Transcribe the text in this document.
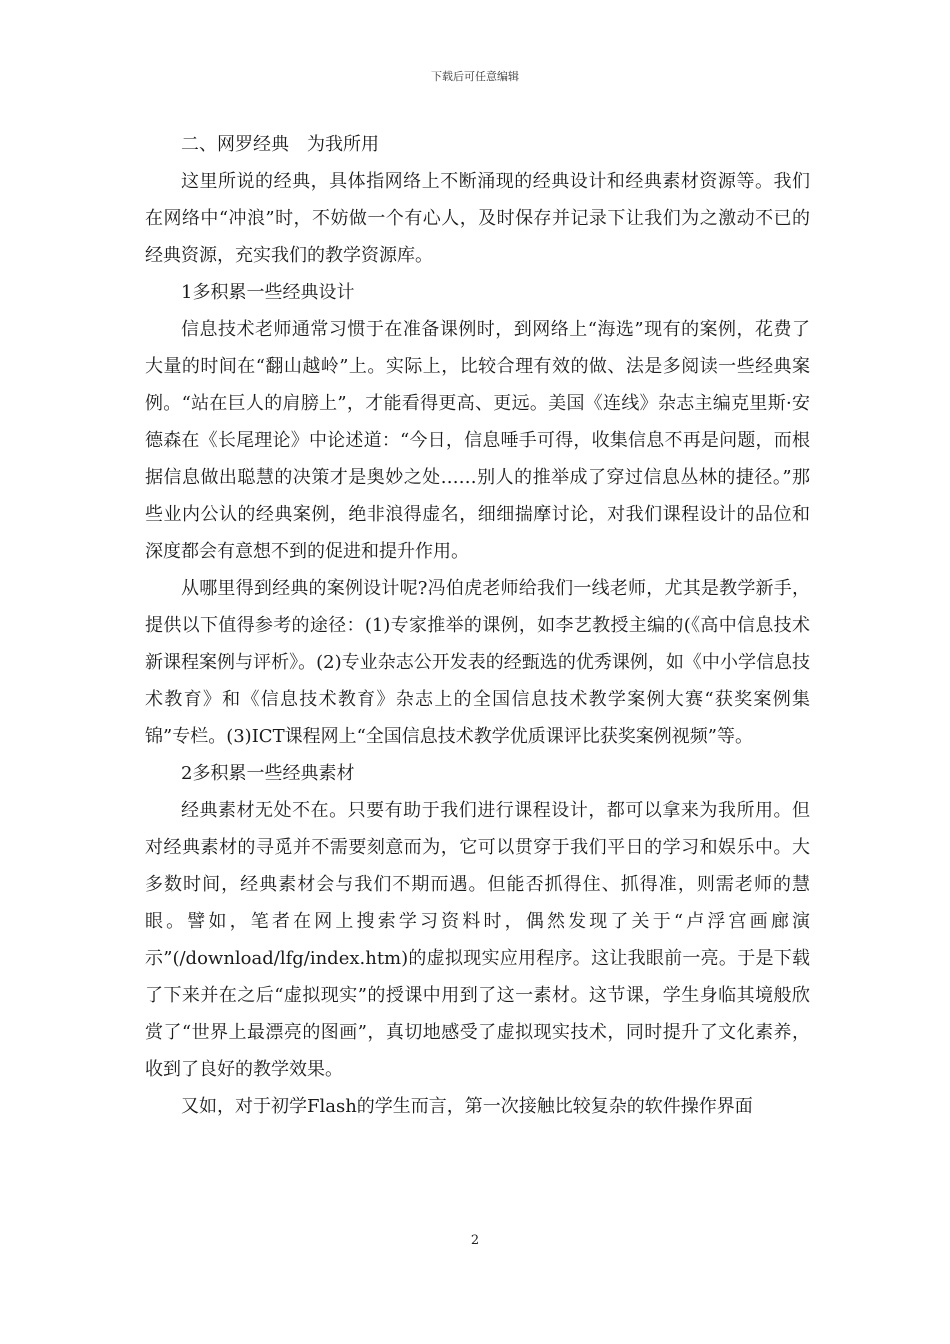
下载后可任意编辑

二、网罗经典　为我所用

这里所说的经典，具体指网络上不断涌现的经典设计和经典素材资源等。我们在网络中“冲浪”时，不妨做一个有心人，及时保存并记录下让我们为之激动不已的经典资源，充实我们的教学资源库。

1多积累一些经典设计

信息技术老师通常习惯于在准备课例时，到网络上“海选”现有的案例，花费了大量的时间在“翻山越岭”上。实际上，比较合理有效的做、法是多阅读一些经典案例。“站在巨人的肩膀上”，才能看得更高、更远。美国《连线》杂志主编克里斯·安德森在《长尾理论》中论述道：“今日，信息唾手可得，收集信息不再是问题，而根据信息做出聪慧的决策才是奥妙之处……别人的推举成了穿过信息丛林的捷径。”那些业内公认的经典案例，绝非浪得虚名，细细揣摩讨论，对我们课程设计的品位和深度都会有意想不到的促进和提升作用。

从哪里得到经典的案例设计呢?冯伯虎老师给我们一线老师，尤其是教学新手，提供以下值得参考的途径：(1)专家推举的课例，如李艺教授主编的(《高中信息技术新课程案例与评析》。(2)专业杂志公开发表的经甄选的优秀课例，如《中小学信息技术教育》和《信息技术教育》杂志上的全国信息技术教学案例大赛“获奖案例集锦”专栏。(3)ICT课程网上“全国信息技术教学优质课评比获奖案例视频”等。

2多积累一些经典素材

经典素材无处不在。只要有助于我们进行课程设计，都可以拿来为我所用。但对经典素材的寻觅并不需要刻意而为，它可以贯穿于我们平日的学习和娱乐中。大多数时间，经典素材会与我们不期而遇。但能否抓得住、抓得准，则需老师的慧眼。譬如，笔者在网上搜索学习资料时，偶然发现了关于“卢浮宫画廊演示”(/download/lfg/index.htm)的虚拟现实应用程序。这让我眼前一亮。于是下载了下来并在之后“虚拟现实”的授课中用到了这一素材。这节课，学生身临其境般欣赏了“世界上最漂亮的图画”，真切地感受了虚拟现实技术，同时提升了文化素养，收到了良好的教学效果。

又如，对于初学Flash的学生而言，第一次接触比较复杂的软件操作界面

2
